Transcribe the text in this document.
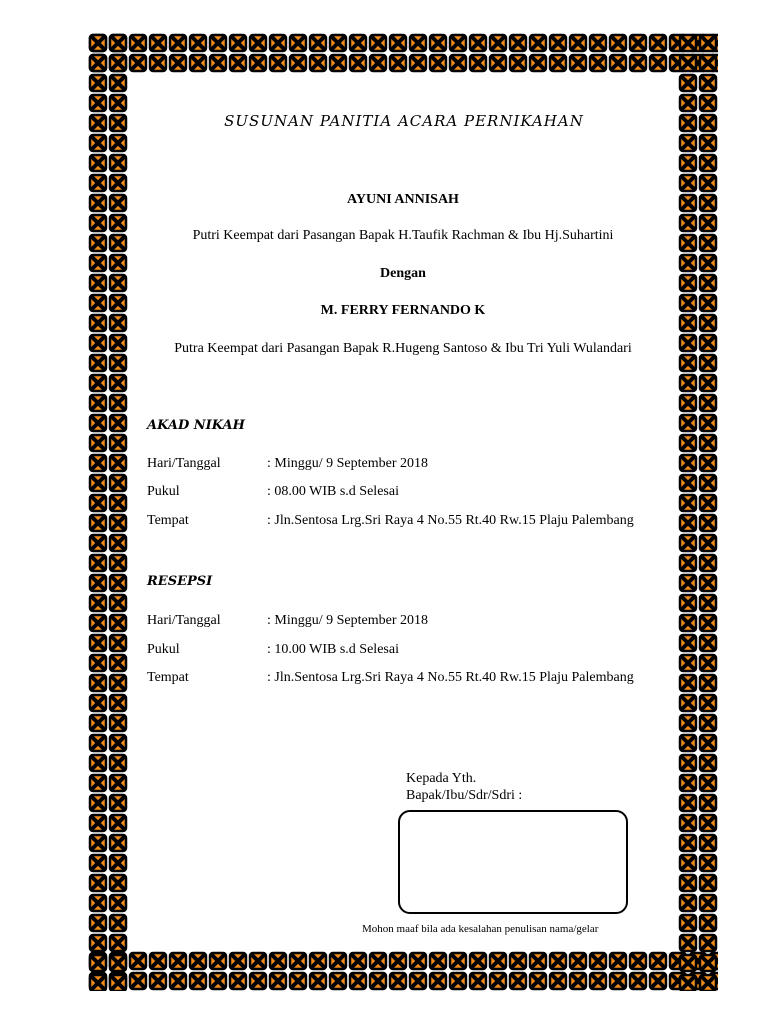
SUSUNAN PANITIA ACARA PERNIKAHAN
AYUNI ANNISAH
Putri Keempat dari Pasangan Bapak H.Taufik Rachman & Ibu Hj.Suhartini
Dengan
M. FERRY FERNANDO K
Putra Keempat dari Pasangan Bapak R.Hugeng Santoso & Ibu Tri Yuli Wulandari
AKAD NIKAH
Hari/Tanggal	: Minggu/ 9 September 2018
Pukul	: 08.00 WIB s.d Selesai
Tempat	: Jln.Sentosa Lrg.Sri Raya 4 No.55 Rt.40 Rw.15 Plaju Palembang
RESEPSI
Hari/Tanggal	: Minggu/ 9 September 2018
Pukul	: 10.00 WIB s.d Selesai
Tempat	: Jln.Sentosa Lrg.Sri Raya 4 No.55 Rt.40 Rw.15 Plaju Palembang
Kepada Yth.
Bapak/Ibu/Sdr/Sdri :
Mohon maaf bila ada kesalahan penulisan nama/gelar
